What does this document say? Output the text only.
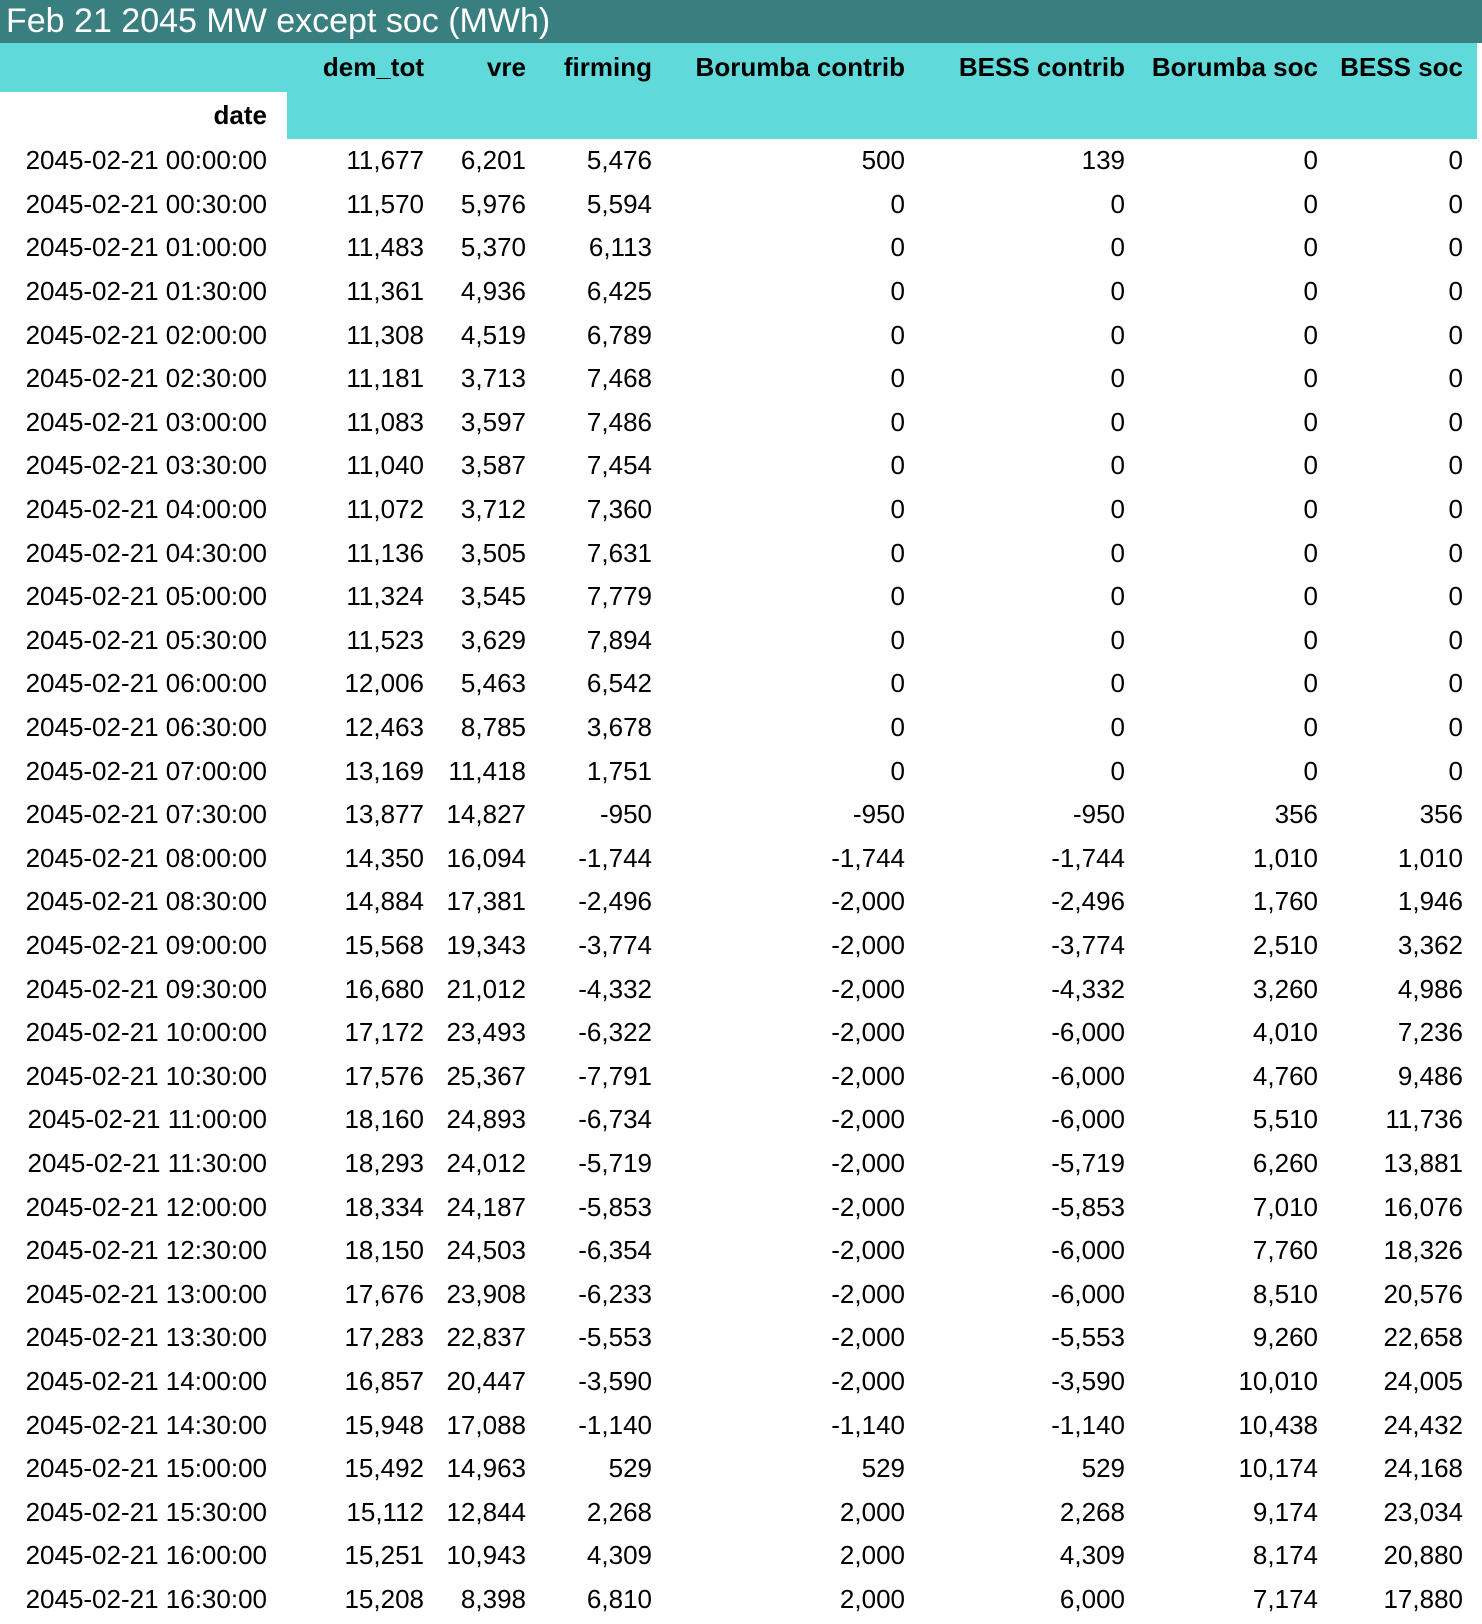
Feb 21 2045 MW except soc (MWh)
	dem_tot	vre	firming	Borumba contrib	BESS contrib	Borumba soc	BESS soc
date							
2045-02-21 00:00:00	11,677	6,201	5,476	500	139	0	0
2045-02-21 00:30:00	11,570	5,976	5,594	0	0	0	0
2045-02-21 01:00:00	11,483	5,370	6,113	0	0	0	0
2045-02-21 01:30:00	11,361	4,936	6,425	0	0	0	0
2045-02-21 02:00:00	11,308	4,519	6,789	0	0	0	0
2045-02-21 02:30:00	11,181	3,713	7,468	0	0	0	0
2045-02-21 03:00:00	11,083	3,597	7,486	0	0	0	0
2045-02-21 03:30:00	11,040	3,587	7,454	0	0	0	0
2045-02-21 04:00:00	11,072	3,712	7,360	0	0	0	0
2045-02-21 04:30:00	11,136	3,505	7,631	0	0	0	0
2045-02-21 05:00:00	11,324	3,545	7,779	0	0	0	0
2045-02-21 05:30:00	11,523	3,629	7,894	0	0	0	0
2045-02-21 06:00:00	12,006	5,463	6,542	0	0	0	0
2045-02-21 06:30:00	12,463	8,785	3,678	0	0	0	0
2045-02-21 07:00:00	13,169	11,418	1,751	0	0	0	0
2045-02-21 07:30:00	13,877	14,827	-950	-950	-950	356	356
2045-02-21 08:00:00	14,350	16,094	-1,744	-1,744	-1,744	1,010	1,010
2045-02-21 08:30:00	14,884	17,381	-2,496	-2,000	-2,496	1,760	1,946
2045-02-21 09:00:00	15,568	19,343	-3,774	-2,000	-3,774	2,510	3,362
2045-02-21 09:30:00	16,680	21,012	-4,332	-2,000	-4,332	3,260	4,986
2045-02-21 10:00:00	17,172	23,493	-6,322	-2,000	-6,000	4,010	7,236
2045-02-21 10:30:00	17,576	25,367	-7,791	-2,000	-6,000	4,760	9,486
2045-02-21 11:00:00	18,160	24,893	-6,734	-2,000	-6,000	5,510	11,736
2045-02-21 11:30:00	18,293	24,012	-5,719	-2,000	-5,719	6,260	13,881
2045-02-21 12:00:00	18,334	24,187	-5,853	-2,000	-5,853	7,010	16,076
2045-02-21 12:30:00	18,150	24,503	-6,354	-2,000	-6,000	7,760	18,326
2045-02-21 13:00:00	17,676	23,908	-6,233	-2,000	-6,000	8,510	20,576
2045-02-21 13:30:00	17,283	22,837	-5,553	-2,000	-5,553	9,260	22,658
2045-02-21 14:00:00	16,857	20,447	-3,590	-2,000	-3,590	10,010	24,005
2045-02-21 14:30:00	15,948	17,088	-1,140	-1,140	-1,140	10,438	24,432
2045-02-21 15:00:00	15,492	14,963	529	529	529	10,174	24,168
2045-02-21 15:30:00	15,112	12,844	2,268	2,000	2,268	9,174	23,034
2045-02-21 16:00:00	15,251	10,943	4,309	2,000	4,309	8,174	20,880
2045-02-21 16:30:00	15,208	8,398	6,810	2,000	6,000	7,174	17,880
